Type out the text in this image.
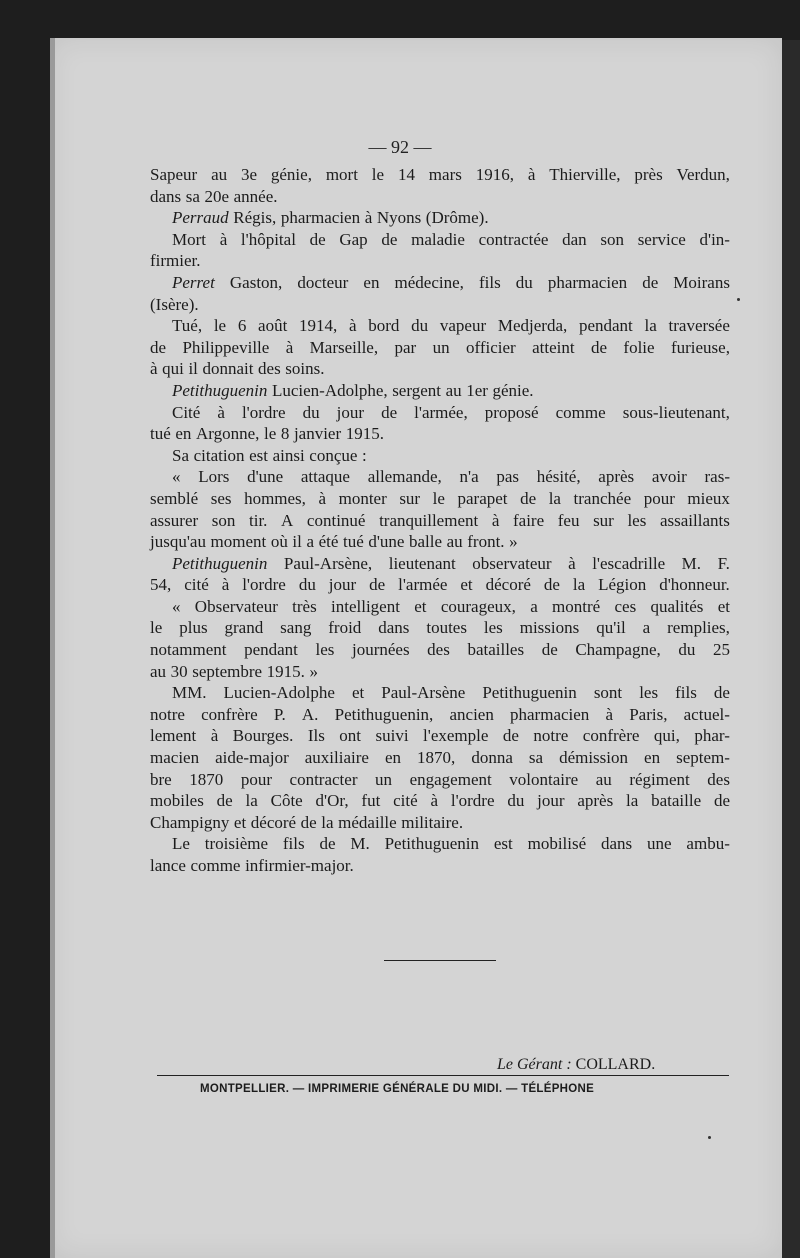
— 92 —
Sapeur au 3e génie, mort le 14 mars 1916, à Thierville, près Verdun,
dans sa 20e année.
Perraud Régis, pharmacien à Nyons (Drôme).
Mort à l'hôpital de Gap de maladie contractée dan son service d'in-
firmier.
Perret Gaston, docteur en médecine, fils du pharmacien de Moirans
(Isère).
Tué, le 6 août 1914, à bord du vapeur Medjerda, pendant la traversée
de Philippeville à Marseille, par un officier atteint de folie furieuse,
à qui il donnait des soins.
Petithuguenin Lucien-Adolphe, sergent au 1er génie.
Cité à l'ordre du jour de l'armée, proposé comme sous-lieutenant,
tué en Argonne, le 8 janvier 1915.
Sa citation est ainsi conçue :
« Lors d'une attaque allemande, n'a pas hésité, après avoir ras-
semblé ses hommes, à monter sur le parapet de la tranchée pour mieux
assurer son tir. A continué tranquillement à faire feu sur les assaillants
jusqu'au moment où il a été tué d'une balle au front. »
Petithuguenin Paul-Arsène, lieutenant observateur à l'escadrille M. F.
54, cité à l'ordre du jour de l'armée et décoré de la Légion d'honneur.
« Observateur très intelligent et courageux, a montré ces qualités et
le plus grand sang froid dans toutes les missions qu'il a remplies,
notamment pendant les journées des batailles de Champagne, du 25
au 30 septembre 1915. »
MM. Lucien-Adolphe et Paul-Arsène Petithuguenin sont les fils de
notre confrère P. A. Petithuguenin, ancien pharmacien à Paris, actuel-
lement à Bourges. Ils ont suivi l'exemple de notre confrère qui, phar-
macien aide-major auxiliaire en 1870, donna sa démission en septem-
bre 1870 pour contracter un engagement volontaire au régiment des
mobiles de la Côte d'Or, fut cité à l'ordre du jour après la bataille de
Champigny et décoré de la médaille militaire.
Le troisième fils de M. Petithuguenin est mobilisé dans une ambu-
lance comme infirmier-major.
Le Gérant : COLLARD.
MONTPELLIER. — IMPRIMERIE GÉNÉRALE DU MIDI. — TÉLÉPHONE
